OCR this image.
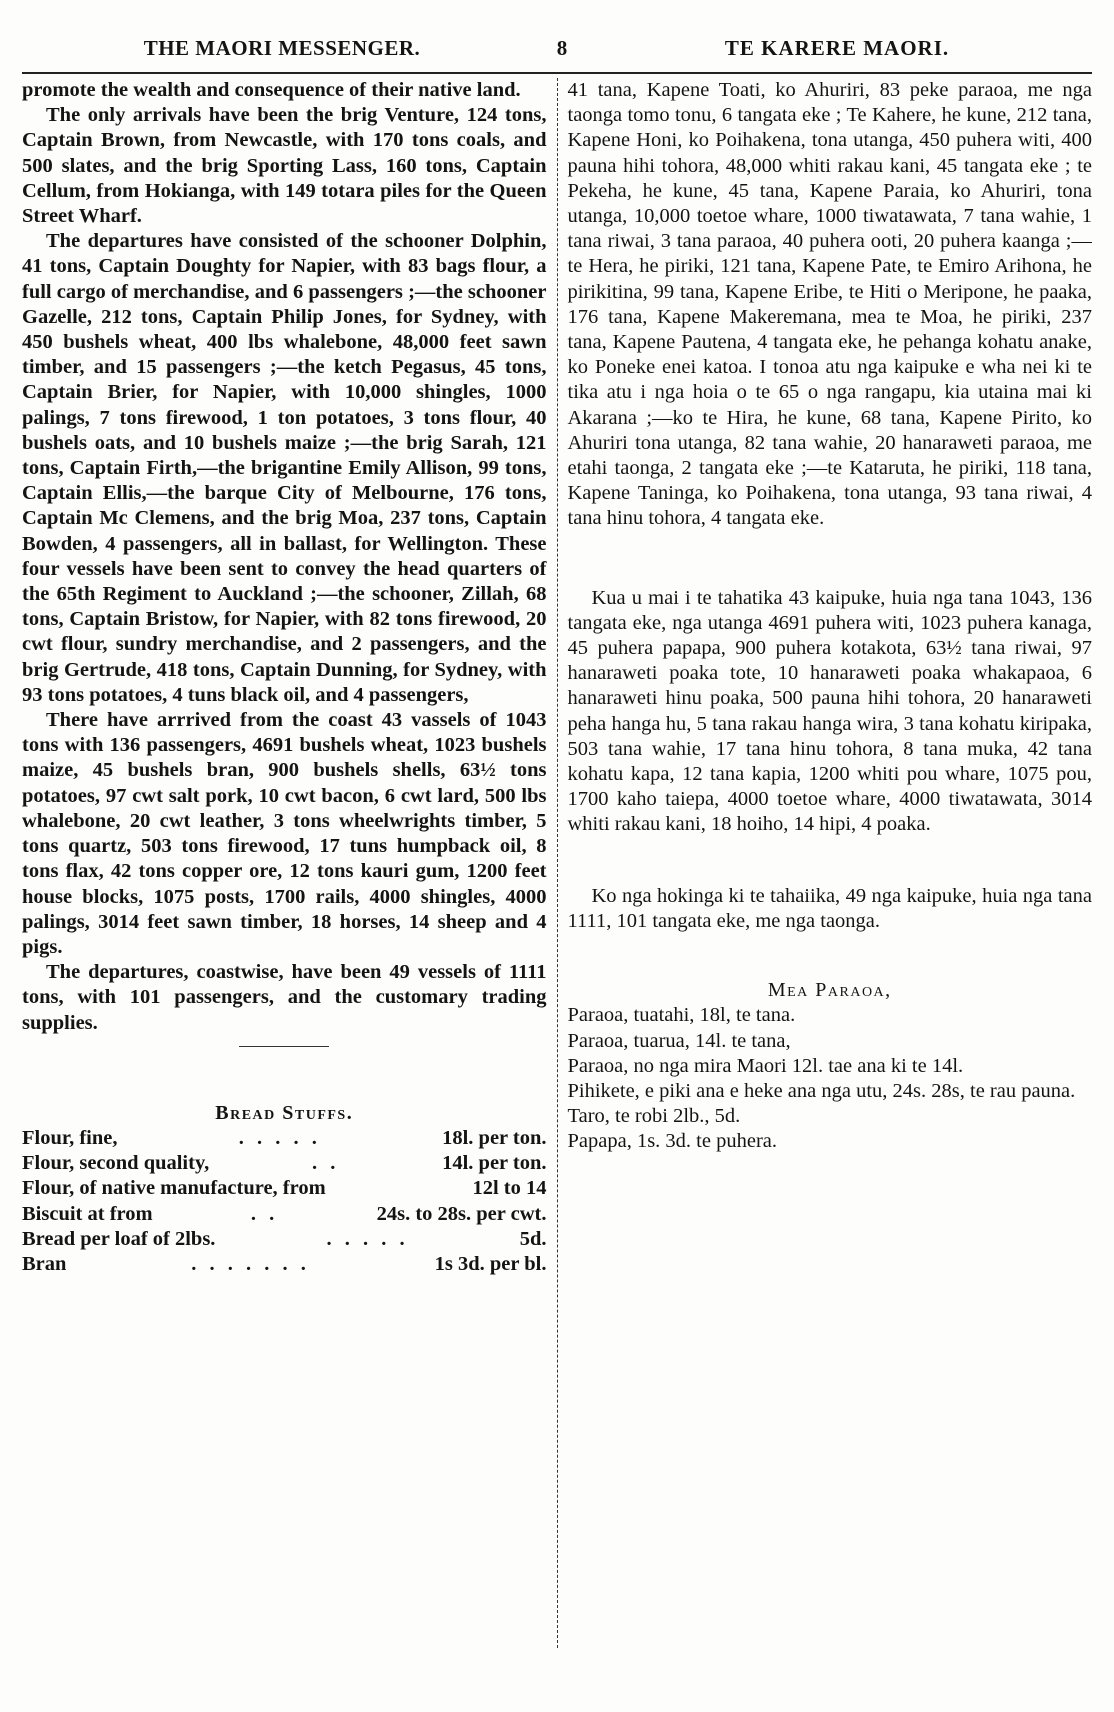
THE MAORI MESSENGER.	8	TE KARERE MAORI.

promote the wealth and consequence of their native land.

The only arrivals have been the brig Venture, 124 tons, Captain Brown, from Newcastle, with 170 tons coals, and 500 slates, and the brig Sporting Lass, 160 tons, Captain Cellum, from Hokianga, with 149 totara piles for the Queen Street Wharf.

The departures have consisted of the schooner Dolphin, 41 tons, Captain Doughty for Napier, with 83 bags flour, a full cargo of merchandise, and 6 passengers ;—the schooner Gazelle, 212 tons, Captain Philip Jones, for Sydney, with 450 bushels wheat, 400 lbs whalebone, 48,000 feet sawn timber, and 15 passengers ;—the ketch Pegasus, 45 tons, Captain Brier, for Napier, with 10,000 shingles, 1000 palings, 7 tons firewood, 1 ton potatoes, 3 tons flour, 40 bushels oats, and 10 bushels maize ;—the brig Sarah, 121 tons, Captain Firth,—the brigantine Emily Allison, 99 tons, Captain Ellis,—the barque City of Melbourne, 176 tons, Captain Mc Clemens, and the brig Moa, 237 tons, Captain Bowden, 4 passengers, all in ballast, for Wellington. These four vessels have been sent to convey the head quarters of the 65th Regiment to Auckland ;—the schooner, Zillah, 68 tons, Captain Bristow, for Napier, with 82 tons firewood, 20 cwt flour, sundry merchandise, and 2 passengers, and the brig Gertrude, 418 tons, Captain Dunning, for Sydney, with 93 tons potatoes, 4 tuns black oil, and 4 passengers,

There have arrrived from the coast 43 vassels of 1043 tons with 136 passengers, 4691 bushels wheat, 1023 bushels maize, 45 bushels bran, 900 bushels shells, 63½ tons potatoes, 97 cwt salt pork, 10 cwt bacon, 6 cwt lard, 500 lbs whalebone, 20 cwt leather, 3 tons wheelwrights timber, 5 tons quartz, 503 tons firewood, 17 tuns humpback oil, 8 tons flax, 42 tons copper ore, 12 tons kauri gum, 1200 feet house blocks, 1075 posts, 1700 rails, 4000 shingles, 4000 palings, 3014 feet sawn timber, 18 horses, 14 sheep and 4 pigs.

The departures, coastwise, have been 49 vessels of 1111 tons, with 101 passengers, and the customary trading supplies.

Bread Stuffs.

Flour, fine,	. . . . .	18l. per ton.
Flour, second quality,	. .	14l. per ton.
Flour, of native manufacture, from	12l to 14
Biscuit at from	. .	24s. to 28s. per cwt.
Bread per loaf of 2lbs.	. . . . .	5d.
Bran	. . . . . . .	1s 3d. per bl.

41 tana, Kapene Toati, ko Ahuriri, 83 peke paraoa, me nga taonga tomo tonu, 6 tangata eke ; Te Kahere, he kune, 212 tana, Kapene Honi, ko Poihakena, tona utanga, 450 puhera witi, 400 pauna hihi tohora, 48,000 whiti rakau kani, 45 tangata eke ; te Pekeha, he kune, 45 tana, Kapene Paraia, ko Ahuriri, tona utanga, 10,000 toetoe whare, 1000 tiwatawata, 7 tana wahie, 1 tana riwai, 3 tana paraoa, 40 puhera ooti, 20 puhera kaanga ;—te Hera, he piriki, 121 tana, Kapene Pate, te Emiro Arihona, he pirikitina, 99 tana, Kapene Eribe, te Hiti o Meripone, he paaka, 176 tana, Kapene Makeremana, mea te Moa, he piriki, 237 tana, Kapene Pautena, 4 tangata eke, he pehanga kohatu anake, ko Poneke enei katoa. I tonoa atu nga kaipuke e wha nei ki te tika atu i nga hoia o te 65 o nga rangapu, kia utaina mai ki Akarana ;—ko te Hira, he kune, 68 tana, Kapene Pirito, ko Ahuriri tona utanga, 82 tana wahie, 20 hanaraweti paraoa, me etahi taonga, 2 tangata eke ;—te Kataruta, he piriki, 118 tana, Kapene Taninga, ko Poihakena, tona utanga, 93 tana riwai, 4 tana hinu tohora, 4 tangata eke.

Kua u mai i te tahatika 43 kaipuke, huia nga tana 1043, 136 tangata eke, nga utanga 4691 puhera witi, 1023 puhera kanaga, 45 puhera papapa, 900 puhera kotakota, 63½ tana riwai, 97 hanaraweti poaka tote, 10 hanaraweti poaka whakapaoa, 6 hanaraweti hinu poaka, 500 pauna hihi tohora, 20 hanaraweti peha hanga hu, 5 tana rakau hanga wira, 3 tana kohatu kiripaka, 503 tana wahie, 17 tana hinu tohora, 8 tana muka, 42 tana kohatu kapa, 12 tana kapia, 1200 whiti pou whare, 1075 pou, 1700 kaho taiepa, 4000 toetoe whare, 4000 tiwatawata, 3014 whiti rakau kani, 18 hoiho, 14 hipi, 4 poaka.

Ko nga hokinga ki te tahaiika, 49 nga kaipuke, huia nga tana 1111, 101 tangata eke, me nga taonga.

Mea Paraoa,

Paraoa, tuatahi, 18l, te tana.

Paraoa, tuarua, 14l. te tana,

Paraoa, no nga mira Maori 12l. tae ana ki te 14l.

Pihikete, e piki ana e heke ana nga utu, 24s. 28s, te rau pauna.

Taro, te robi 2lb., 5d.

Papapa, 1s. 3d. te puhera.
